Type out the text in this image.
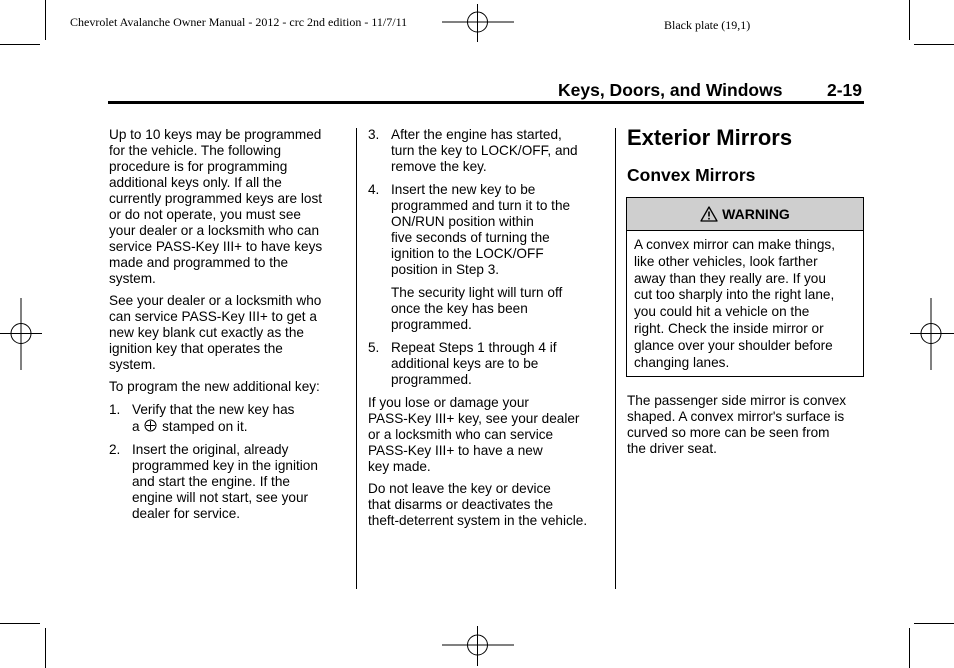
Chevrolet Avalanche Owner Manual - 2012 - crc 2nd edition - 11/7/11	Black plate (19,1)
Keys, Doors, and Windows	2-19
Up to 10 keys may be programmed
for the vehicle. The following
procedure is for programming
additional keys only. If all the
currently programmed keys are lost
or do not operate, you must see
your dealer or a locksmith who can
service PASS-Key III+ to have keys
made and programmed to the
system.
See your dealer or a locksmith who
can service PASS-Key III+ to get a
new key blank cut exactly as the
ignition key that operates the
system.
To program the new additional key:
1. Verify that the new key has
a stamped on it.
2. Insert the original, already
programmed key in the ignition
and start the engine. If the
engine will not start, see your
dealer for service.
3. After the engine has started,
turn the key to LOCK/OFF, and
remove the key.
4. Insert the new key to be
programmed and turn it to the
ON/RUN position within
five seconds of turning the
ignition to the LOCK/OFF
position in Step 3.
The security light will turn off
once the key has been
programmed.
5. Repeat Steps 1 through 4 if
additional keys are to be
programmed.
If you lose or damage your
PASS-Key III+ key, see your dealer
or a locksmith who can service
PASS-Key III+ to have a new
key made.
Do not leave the key or device
that disarms or deactivates the
theft-deterrent system in the vehicle.
Exterior Mirrors
Convex Mirrors
WARNING
A convex mirror can make things,
like other vehicles, look farther
away than they really are. If you
cut too sharply into the right lane,
you could hit a vehicle on the
right. Check the inside mirror or
glance over your shoulder before
changing lanes.
The passenger side mirror is convex
shaped. A convex mirror's surface is
curved so more can be seen from
the driver seat.
